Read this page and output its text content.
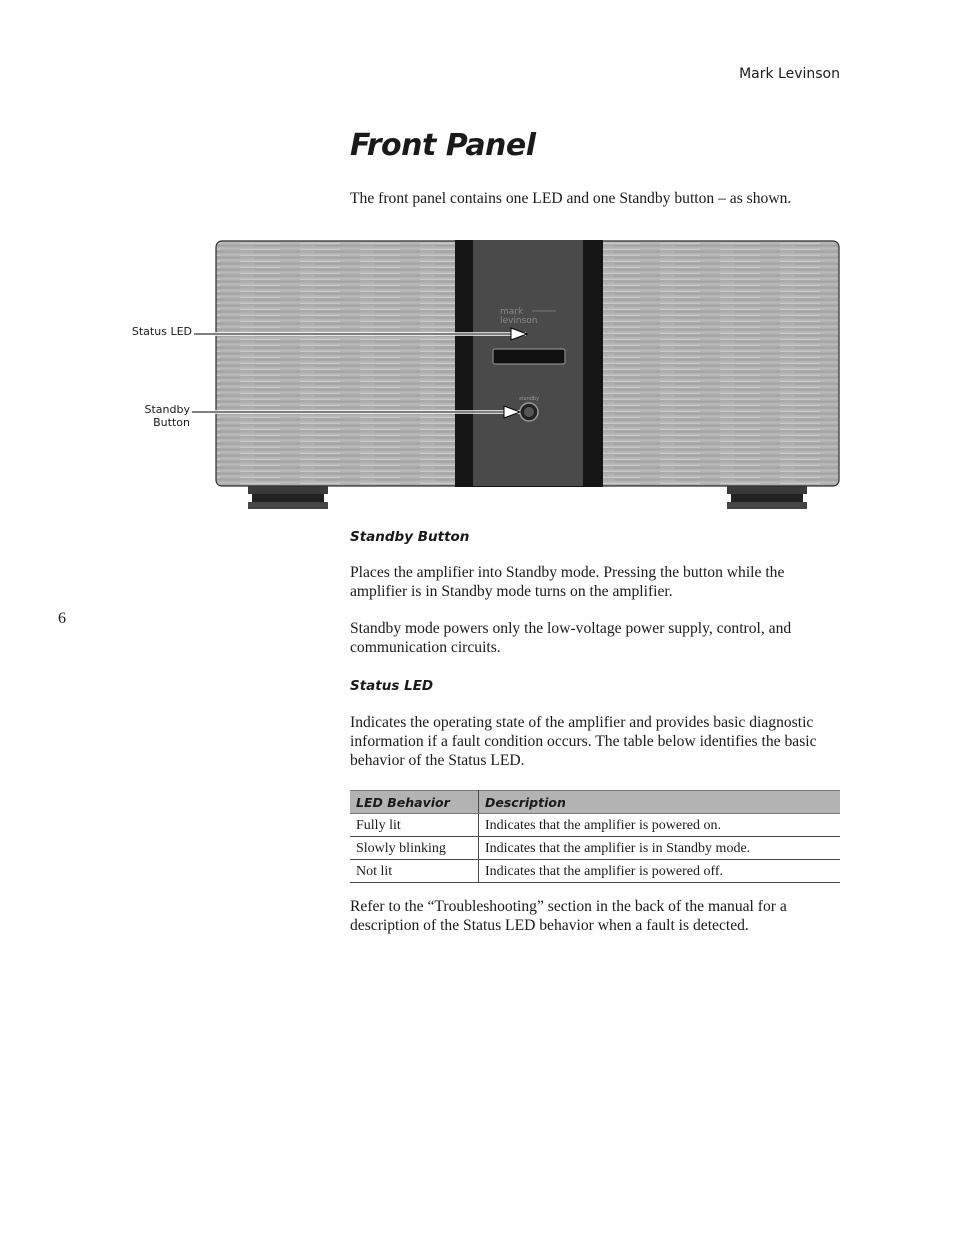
Mark Levinson
6
Front Panel

The front panel contains one LED and one Standby button – as shown.

mark
levinson
standby
Status LED
Standby
Button
Standby Button

Places the amplifier into Standby mode. Pressing the button while the amplifier is in Standby mode turns on the amplifier.

Standby mode powers only the low-voltage power supply, control, and communication circuits.

Status LED

Indicates the operating state of the amplifier and provides basic diagnostic information if a fault condition occurs. The table below identifies the basic behavior of the Status LED.

LED Behavior	Description
Fully lit	Indicates that the amplifier is powered on.
Slowly blinking	Indicates that the amplifier is in Standby mode.
Not lit	Indicates that the amplifier is powered off.

Refer to the “Troubleshooting” section in the back of the manual for a description of the Status LED behavior when a fault is detected.
